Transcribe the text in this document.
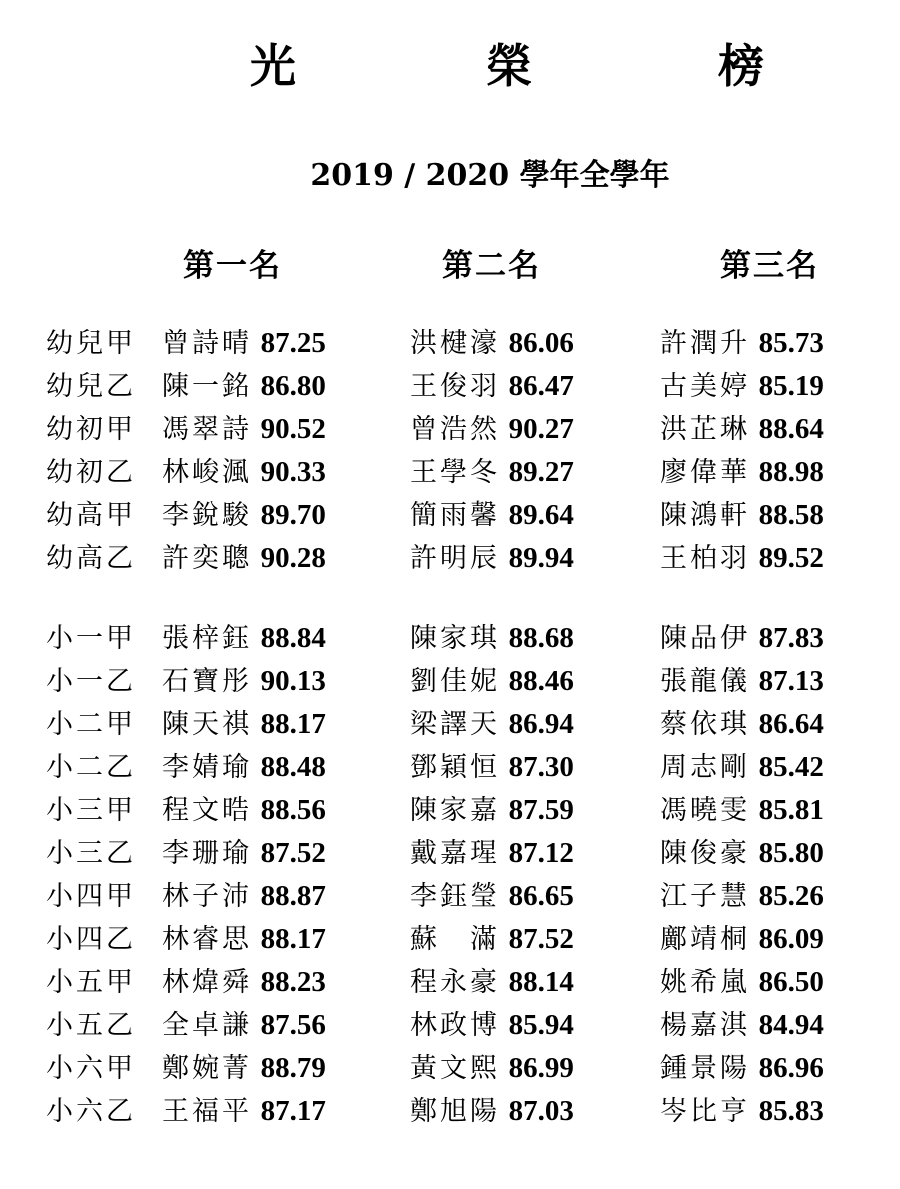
光	榮	榜
2019 / 2020 學年全學年
第一名	第二名	第三名
幼兒甲 曾詩晴 87.25	洪楗濠 86.06	許潤升 85.73
幼兒乙 陳一銘 86.80	王俊羽 86.47	古美婷 85.19
幼初甲 馮翠詩 90.52	曾浩然 90.27	洪芷琳 88.64
幼初乙 林峻渢 90.33	王學冬 89.27	廖偉華 88.98
幼高甲 李銳駿 89.70	簡雨馨 89.64	陳鴻軒 88.58
幼高乙 許奕聰 90.28	許明辰 89.94	王柏羽 89.52
小一甲 張梓鈺 88.84	陳家琪 88.68	陳品伊 87.83
小一乙 石寶彤 90.13	劉佳妮 88.46	張龍儀 87.13
小二甲 陳天祺 88.17	梁譯天 86.94	蔡依琪 86.64
小二乙 李婧瑜 88.48	鄧穎恒 87.30	周志剛 85.42
小三甲 程文晧 88.56	陳家嘉 87.59	馮曉雯 85.81
小三乙 李珊瑜 87.52	戴嘉瑆 87.12	陳俊豪 85.80
小四甲 林子沛 88.87	李鈺瑩 86.65	江子慧 85.26
小四乙 林睿思 88.17	蘇　滿 87.52	鄺靖桐 86.09
小五甲 林煒舜 88.23	程永豪 88.14	姚希嵐 86.50
小五乙 全卓謙 87.56	林政博 85.94	楊嘉淇 84.94
小六甲 鄭婉菁 88.79	黃文熙 86.99	鍾景陽 86.96
小六乙 王福平 87.17	鄭旭陽 87.03	岑比亨 85.83
